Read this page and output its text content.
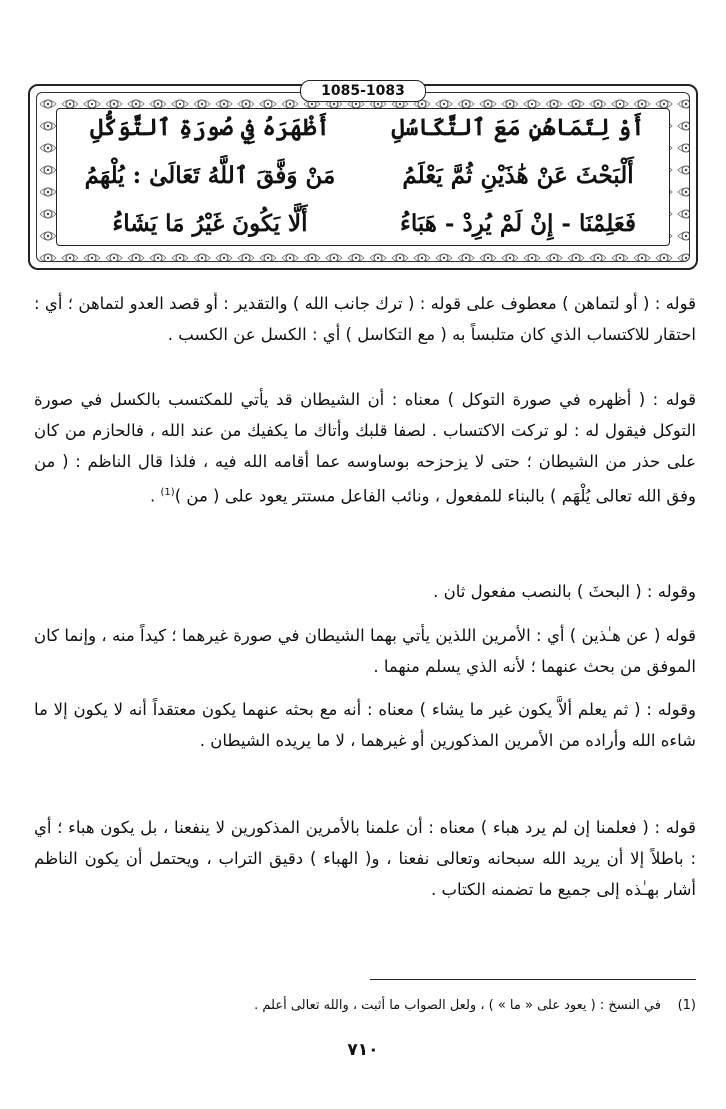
1085-1083
أَوْ لِتَمَاهُنٍ مَعَ ٱلتَّكَاسُلِ
أَظْهَرَهُ فِي صُورَةِ ٱلتَّوَكُّلِ
أَلْبَحْثَ عَنْ هَٰذَيْنِ ثُمَّ يَعْلَمُ
مَنْ وَفَّقَ ٱللَّهُ تَعَالَىٰ : يُلْهَمُ
فَعَلِمْنَا - إِنْ لَمْ يُرِدْ - هَبَاءُ
أَلَّا يَكُونَ غَيْرُ مَا يَشَاءُ

قوله : ( أو لتماهن ) معطوف على قوله : ( ترك جانب الله ) والتقدير : أو قصد العدو لتماهن ؛ أي : احتقار للاكتساب الذي كان متلبساً به ( مع التكاسل ) أي : الكسل عن الكسب .

قوله : ( أظهره في صورة التوكل ) معناه : أن الشيطان قد يأتي للمكتسب بالكسل في صورة التوكل فيقول له : لو تركت الاكتساب . لصفا قلبك وأتاك ما يكفيك من عند الله ، فالحازم من كان على حذر من الشيطان ؛ حتى لا يزحزحه بوساوسه عما أقامه الله فيه ، فلذا قال الناظم : ( من وفق الله تعالى يُلْهَم ) بالبناء للمفعول ، ونائب الفاعل مستتر يعود على ( من )$^{(1)}$ .

وقوله : ( البحثَ ) بالنصب مفعول ثان .

قوله ( عن هـٰذين ) أي : الأمرين اللذين يأتي بهما الشيطان في صورة غيرهما ؛ كيداً منه ، وإنما كان الموفق من بحث عنهما ؛ لأنه الذي يسلم منهما .

وقوله : ( ثم يعلم ألاَّ يكون غير ما يشاء ) معناه : أنه مع بحثه عنهما يكون معتقداً أنه لا يكون إلا ما شاءه الله وأراده من الأمرين المذكورين أو غيرهما ، لا ما يريده الشيطان .

قوله : ( فعلمنا إن لم يرد هباء ) معناه : أن علمنا بالأمرين المذكورين لا ينفعنا ، بل يكون هباء ؛ أي : باطلاً إلا أن يريد الله سبحانه وتعالى نفعنا ، و( الهباء ) دقيق التراب ، ويحتمل أن يكون الناظم أشار بهـٰذه إلى جميع ما تضمنه الكتاب .

(1)    في النسخ : ( يعود على « ما » ) ، ولعل الصواب ما أثبت ، والله تعالى أعلم .
٧١٠
